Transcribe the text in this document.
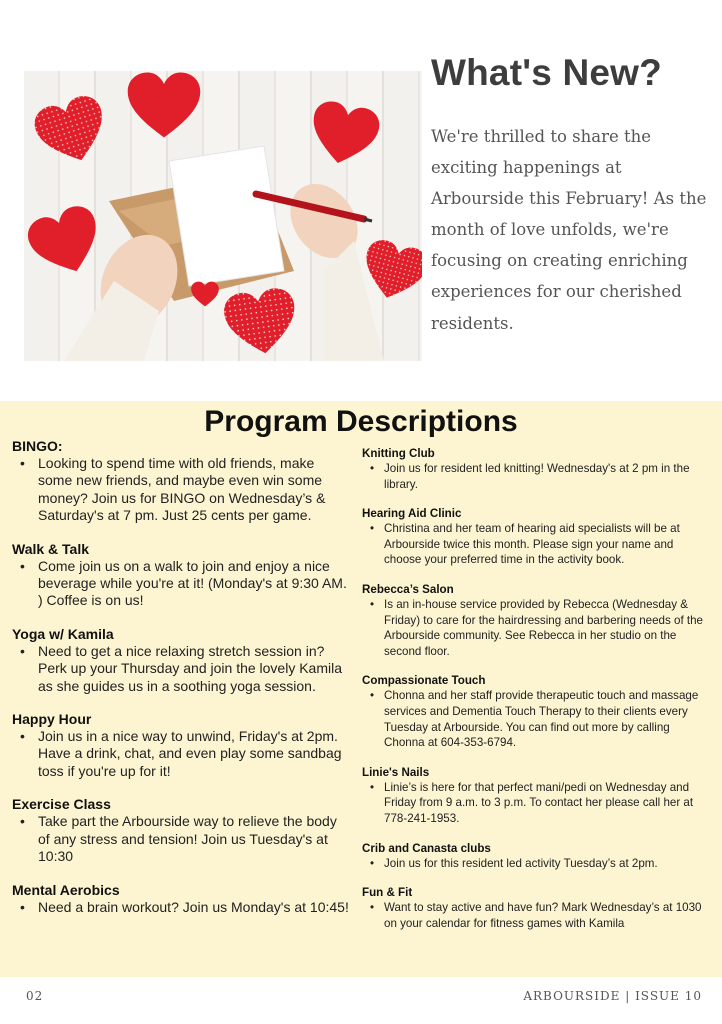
What's New?

We're thrilled to share the exciting happenings at Arbourside this February! As the month of love unfolds, we're focusing on creating enriching experiences for our cherished residents.

Program Descriptions
BINGO:
• Looking to spend time with old friends, make some new friends, and maybe even win some money? Join us for BINGO on Wednesday’s & Saturday's at 7 pm. Just 25 cents per game.
Walk & Talk
• Come join us on a walk to join and enjoy a nice beverage while you're at it! (Monday's at 9:30 AM. ) Coffee is on us!
Yoga w/ Kamila
• Need to get a nice relaxing stretch session in? Perk up your Thursday and join the lovely Kamila as she guides us in a soothing yoga session.
Happy Hour
• Join us in a nice way to unwind, Friday's at 2pm. Have a drink, chat, and even play some sandbag toss if you're up for it!
Exercise Class
• Take part the Arbourside way to relieve the body of any stress and tension! Join us Tuesday's at 10:30
Mental Aerobics
• Need a brain workout? Join us Monday's at 10:45!
Knitting Club
• Join us for resident led knitting! Wednesday's at 2 pm in the library.
Hearing Aid Clinic
• Christina and her team of hearing aid specialists will be at Arbourside twice this month. Please sign your name and choose your preferred time in the activity book.
Rebecca’s Salon
• Is an in-house service provided by Rebecca (Wednesday & Friday) to care for the hairdressing and barbering needs of the Arbourside community. See Rebecca in her studio on the second floor.
Compassionate Touch
• Chonna and her staff provide therapeutic touch and massage services and Dementia Touch Therapy to their clients every Tuesday at Arbourside. You can find out more by calling Chonna at 604-353-6794.
Linie's Nails
• Linie’s is here for that perfect mani/pedi on Wednesday and Friday from 9 a.m. to 3 p.m. To contact her please call her at 778-241-1953.
Crib and Canasta clubs
• Join us for this resident led activity Tuesday’s at 2pm.
Fun & Fit
• Want to stay active and have fun? Mark Wednesday’s at 1030 on your calendar for fitness games with Kamila

02	ARBOURSIDE | ISSUE 10
